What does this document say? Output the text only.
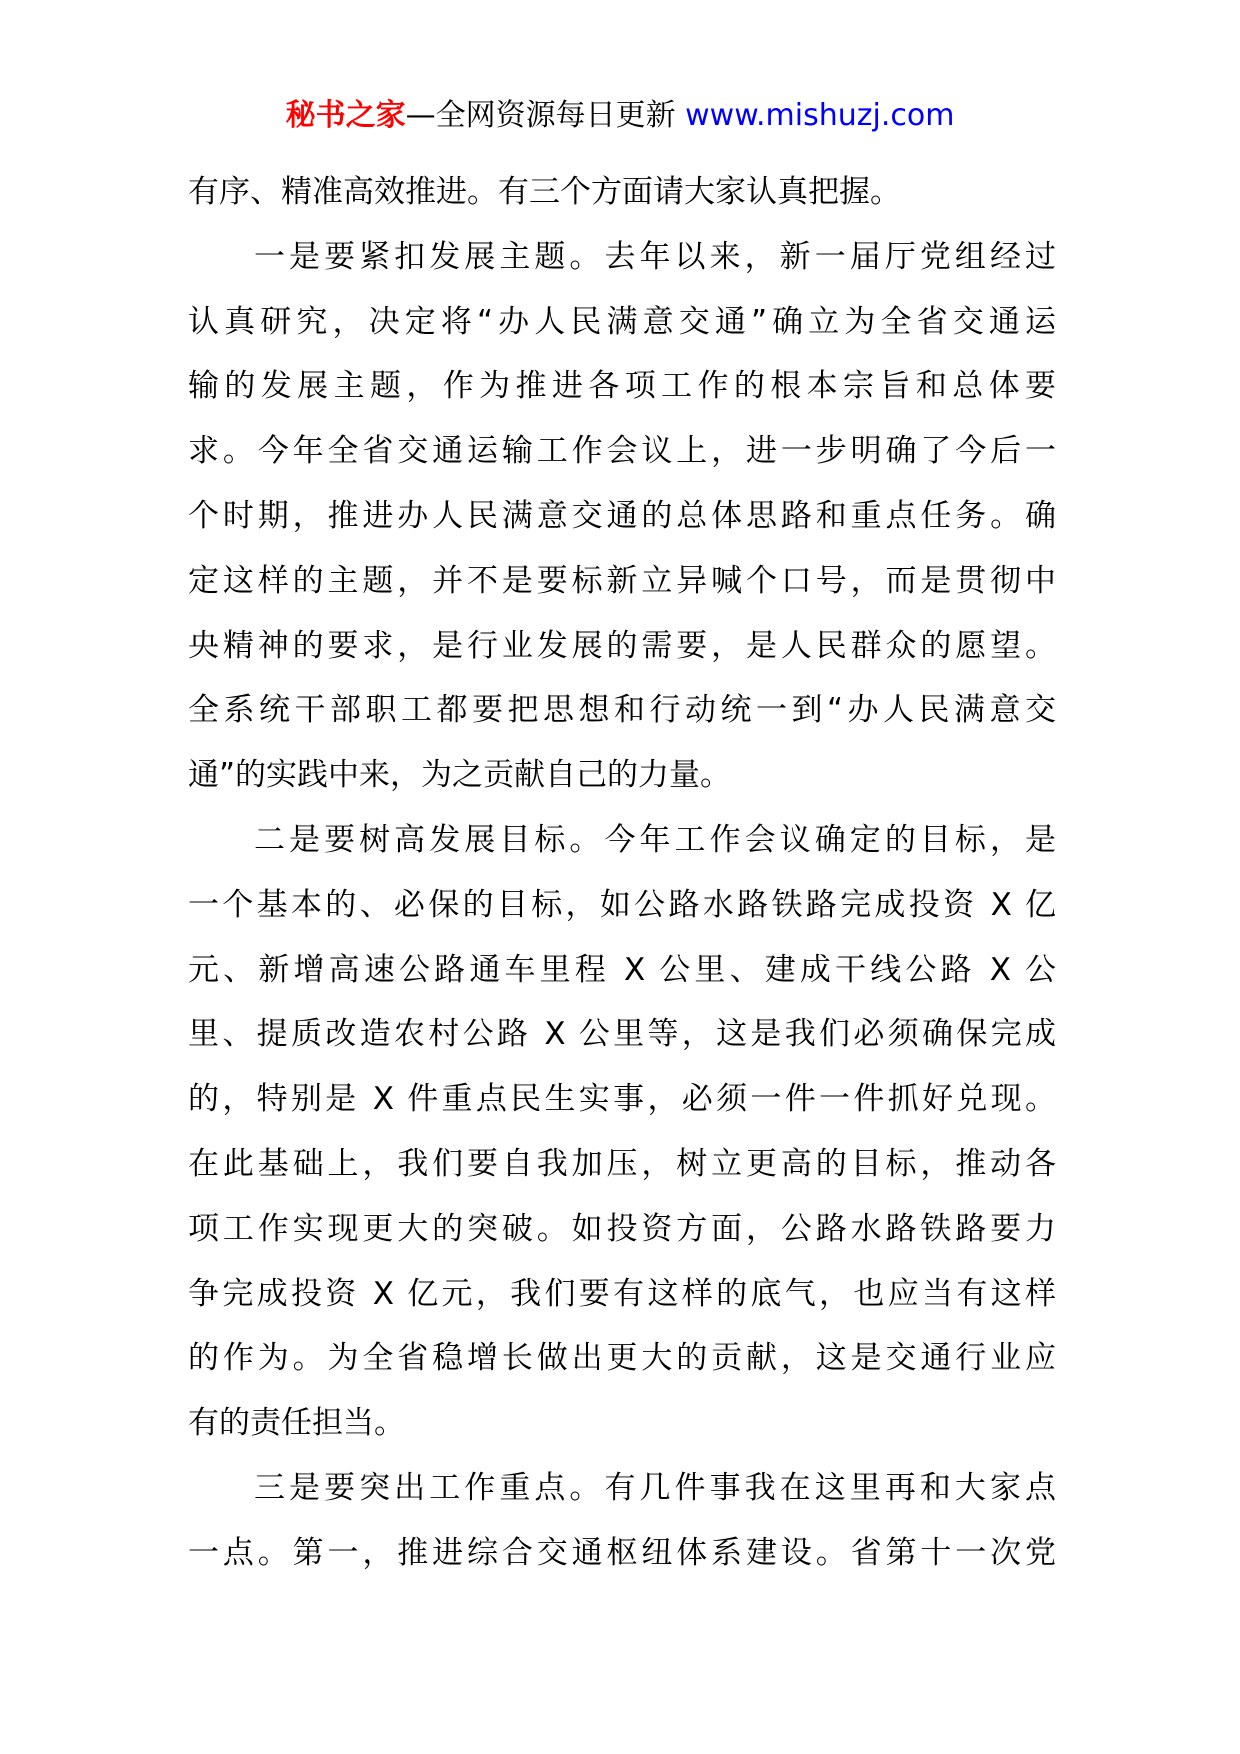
秘书之家—全网资源每日更新 www.mishuzj.com
有序、精准高效推进。有三个方面请大家认真把握。
一是要紧扣发展主题。去年以来，新一届厅党组经过
认真研究，决定将“办人民满意交通”确立为全省交通运
输的发展主题，作为推进各项工作的根本宗旨和总体要
求。今年全省交通运输工作会议上，进一步明确了今后一
个时期，推进办人民满意交通的总体思路和重点任务。确
定这样的主题，并不是要标新立异喊个口号，而是贯彻中
央精神的要求，是行业发展的需要，是人民群众的愿望。
全系统干部职工都要把思想和行动统一到“办人民满意交
通”的实践中来，为之贡献自己的力量。
二是要树高发展目标。今年工作会议确定的目标，是
一个基本的、必保的目标，如公路水路铁路完成投资 X 亿
元、新增高速公路通车里程 X 公里、建成干线公路 X 公
里、提质改造农村公路 X 公里等，这是我们必须确保完成
的，特别是 X 件重点民生实事，必须一件一件抓好兑现。
在此基础上，我们要自我加压，树立更高的目标，推动各
项工作实现更大的突破。如投资方面，公路水路铁路要力
争完成投资 X 亿元，我们要有这样的底气，也应当有这样
的作为。为全省稳增长做出更大的贡献，这是交通行业应
有的责任担当。
三是要突出工作重点。有几件事我在这里再和大家点
一点。第一，推进综合交通枢纽体系建设。省第十一次党
